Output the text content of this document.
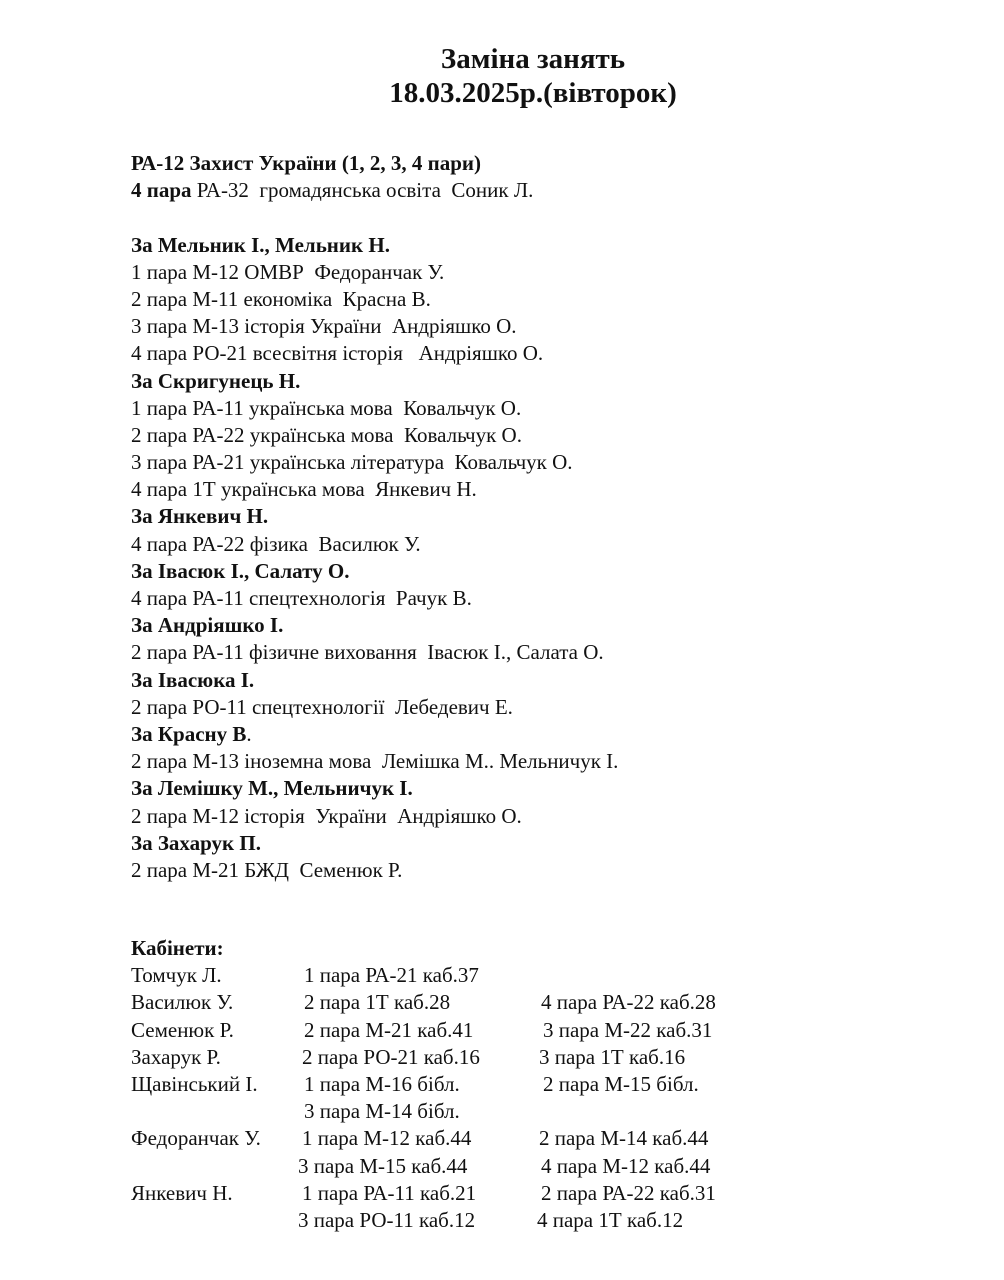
Заміна занять
18.03.2025р.(вівторок)
РА-12 Захист України (1, 2, 3, 4 пари)
4 пара РА-32  громадянська освіта  Соник Л.
За Мельник І., Мельник Н.
1 пара М-12 ОМВР  Федоранчак У.
2 пара М-11 економіка  Красна В.
3 пара М-13 історія України  Андріяшко О.
4 пара РО-21 всесвітня історія   Андріяшко О.
За Скригунець Н.
1 пара РА-11 українська мова  Ковальчук О.
2 пара РА-22 українська мова  Ковальчук О.
3 пара РА-21 українська література  Ковальчук О.
4 пара 1Т українська мова  Янкевич Н.
За Янкевич Н.
4 пара РА-22 фізика  Василюк У.
За Івасюк І., Салату О.
4 пара РА-11 спецтехнологія  Рачук В.
За Андріяшко І.
2 пара РА-11 фізичне виховання  Івасюк І., Салата О.
За Івасюка І.
2 пара РО-11 спецтехнології  Лебедевич Е.
За Красну В.
2 пара М-13 іноземна мова  Лемішка М.. Мельничук І.
За Лемішку М., Мельничук І.
2 пара М-12 історія  України  Андріяшко О.
За Захарук П.
2 пара М-21 БЖД  Семенюк Р.
Кабінети:
Томчук Л.	1 пара РА-21 каб.37
Василюк У.	2 пара 1Т каб.28	4 пара РА-22 каб.28
Семенюк Р.	2 пара М-21 каб.41	3 пара М-22 каб.31
Захарук Р.	2 пара РО-21 каб.16	3 пара 1Т каб.16
Щавінський І. 1 пара М-16 бібл.	2 пара М-15 бібл.
3 пара М-14 бібл.
Федоранчак У. 1 пара М-12 каб.44	2 пара М-14 каб.44
3 пара М-15 каб.44	4 пара М-12 каб.44
Янкевич Н.	1 пара РА-11 каб.21	2 пара РА-22 каб.31
3 пара РО-11 каб.12	4 пара 1Т каб.12
